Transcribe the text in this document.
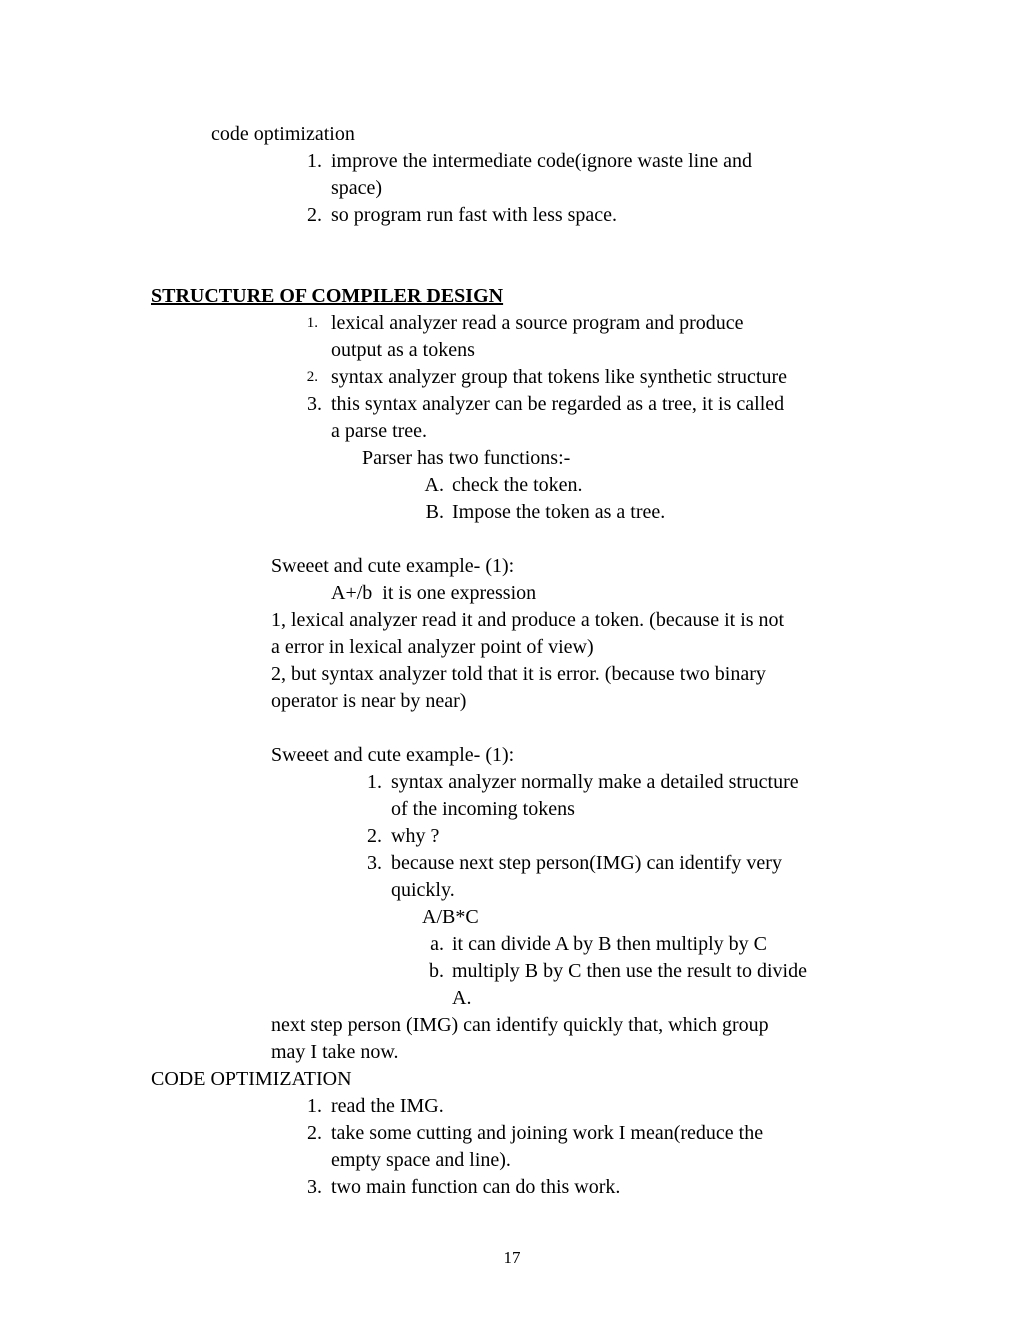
code optimization
1. improve the intermediate code(ignore waste line and
space)
2. so program run fast with less space.
STRUCTURE OF COMPILER DESIGN
1. lexical analyzer read a source program and produce
output as a tokens
2. syntax analyzer group that tokens like synthetic structure
3. this syntax analyzer can be regarded as a tree, it is called
a parse tree.
Parser has two functions:-
A. check the token.
B. Impose the token as a tree.
Sweeet and cute example- (1):
A+/b  it is one expression
1, lexical analyzer read it and produce a token. (because it is not
a error in lexical analyzer point of view)
2, but syntax analyzer told that it is error. (because two binary
operator is near by near)
Sweeet and cute example- (1):
1. syntax analyzer normally make a detailed structure
of the incoming tokens
2. why ?
3. because next step person(IMG) can identify very
quickly.
A/B*C
a. it can divide A by B then multiply by C
b. multiply B by C then use the result to divide
A.
next step person (IMG) can identify quickly that, which group
may I take now.
CODE OPTIMIZATION
1. read the IMG.
2. take some cutting and joining work I mean(reduce the
empty space and line).
3. two main function can do this work.
17
